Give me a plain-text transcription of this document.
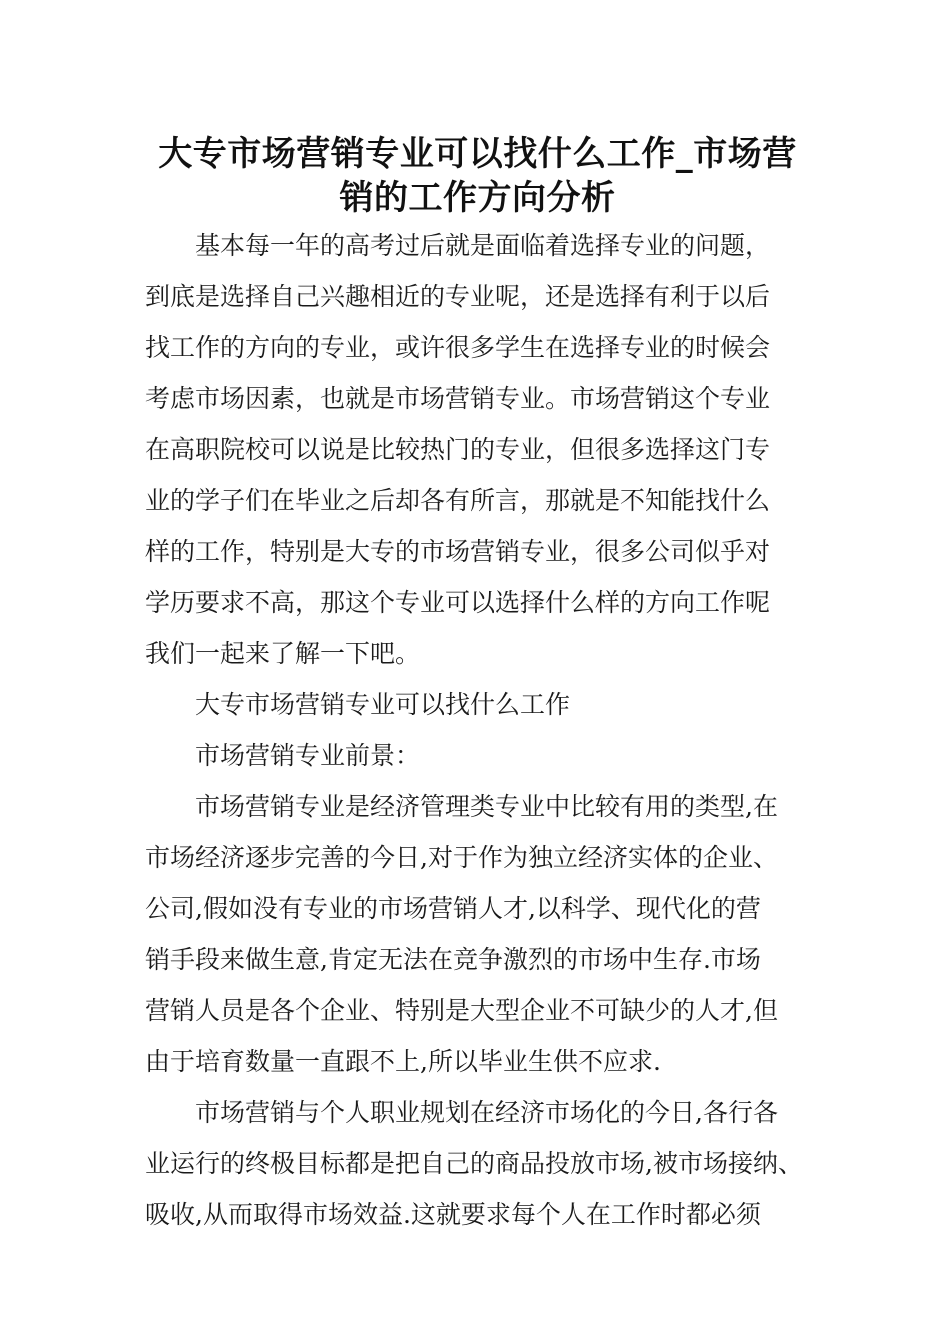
大专市场营销专业可以找什么工作_市场营
销的工作方向分析

基本每一年的高考过后就是面临着选择专业的问题，
到底是选择自己兴趣相近的专业呢，还是选择有利于以后
找工作的方向的专业，或许很多学生在选择专业的时候会
考虑市场因素，也就是市场营销专业。市场营销这个专业
在高职院校可以说是比较热门的专业，但很多选择这门专
业的学子们在毕业之后却各有所言，那就是不知能找什么
样的工作，特别是大专的市场营销专业，很多公司似乎对
学历要求不高，那这个专业可以选择什么样的方向工作呢
我们一起来了解一下吧。

大专市场营销专业可以找什么工作

市场营销专业前景：

市场营销专业是经济管理类专业中比较有用的类型,在
市场经济逐步完善的今日,对于作为独立经济实体的企业、
公司,假如没有专业的市场营销人才,以科学、现代化的营
销手段来做生意,肯定无法在竞争激烈的市场中生存.市场
营销人员是各个企业、特别是大型企业不可缺少的人才,但
由于培育数量一直跟不上,所以毕业生供不应求.

市场营销与个人职业规划在经济市场化的今日,各行各
业运行的终极目标都是把自己的商品投放市场,被市场接纳、
吸收,从而取得市场效益.这就要求每个人在工作时都必须
